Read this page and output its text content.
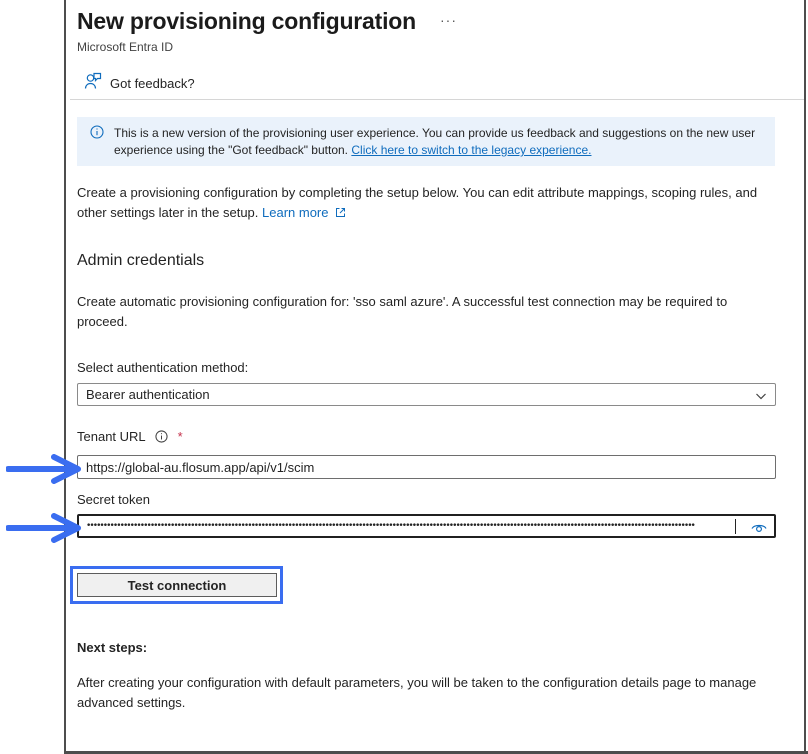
New provisioning configuration ···
Microsoft Entra ID
Got feedback?
This is a new version of the provisioning user experience. You can provide us feedback and suggestions on the new user experience using the "Got feedback" button. Click here to switch to the legacy experience.
Create a provisioning configuration by completing the setup below. You can edit attribute mappings, scoping rules, and other settings later in the setup. Learn more
Admin credentials
Create automatic provisioning configuration for: 'sso saml azure'. A successful test connection may be required to proceed.
Select authentication method:
Bearer authentication
Tenant URL *
https://global-au.flosum.app/api/v1/scim
Secret token
•••••••••••••••••••••••••••••••••••••••••••••••••••••••••••••••••••••••••••••••••••••••••••••••••••••••••••••••••••••••••••••••••••••••••••••••••••••••••••••••••••••••••••••••••••••
Test connection
Next steps:
After creating your configuration with default parameters, you will be taken to the configuration details page to manage advanced settings.
